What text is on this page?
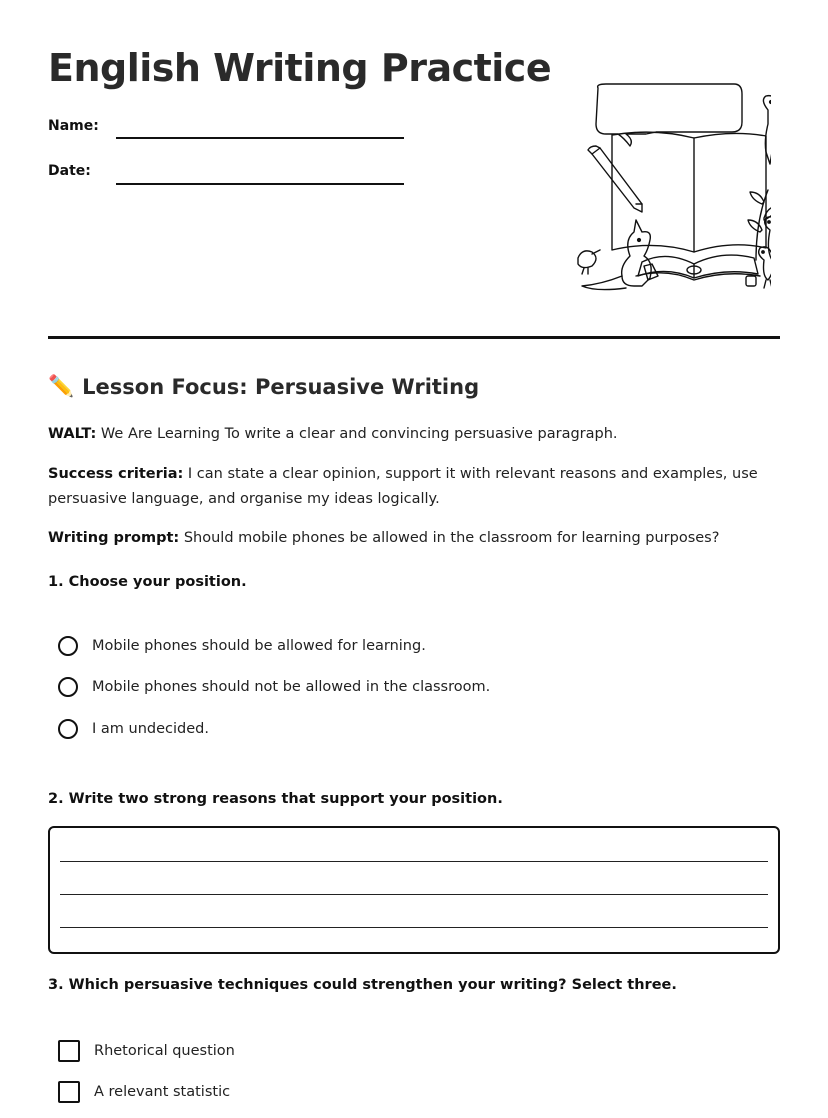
English Writing Practice
Name:
Date:
✏️ Lesson Focus: Persuasive Writing
WALT: We Are Learning To write a clear and convincing persuasive paragraph.
Success criteria: I can state a clear opinion, support it with relevant reasons and examples, use persuasive language, and organise my ideas logically.
Writing prompt: Should mobile phones be allowed in the classroom for learning purposes?
1. Choose your position.
Mobile phones should be allowed for learning.
Mobile phones should not be allowed in the classroom.
I am undecided.
2. Write two strong reasons that support your position.
3. Which persuasive techniques could strengthen your writing? Select three.
Rhetorical question
A relevant statistic
